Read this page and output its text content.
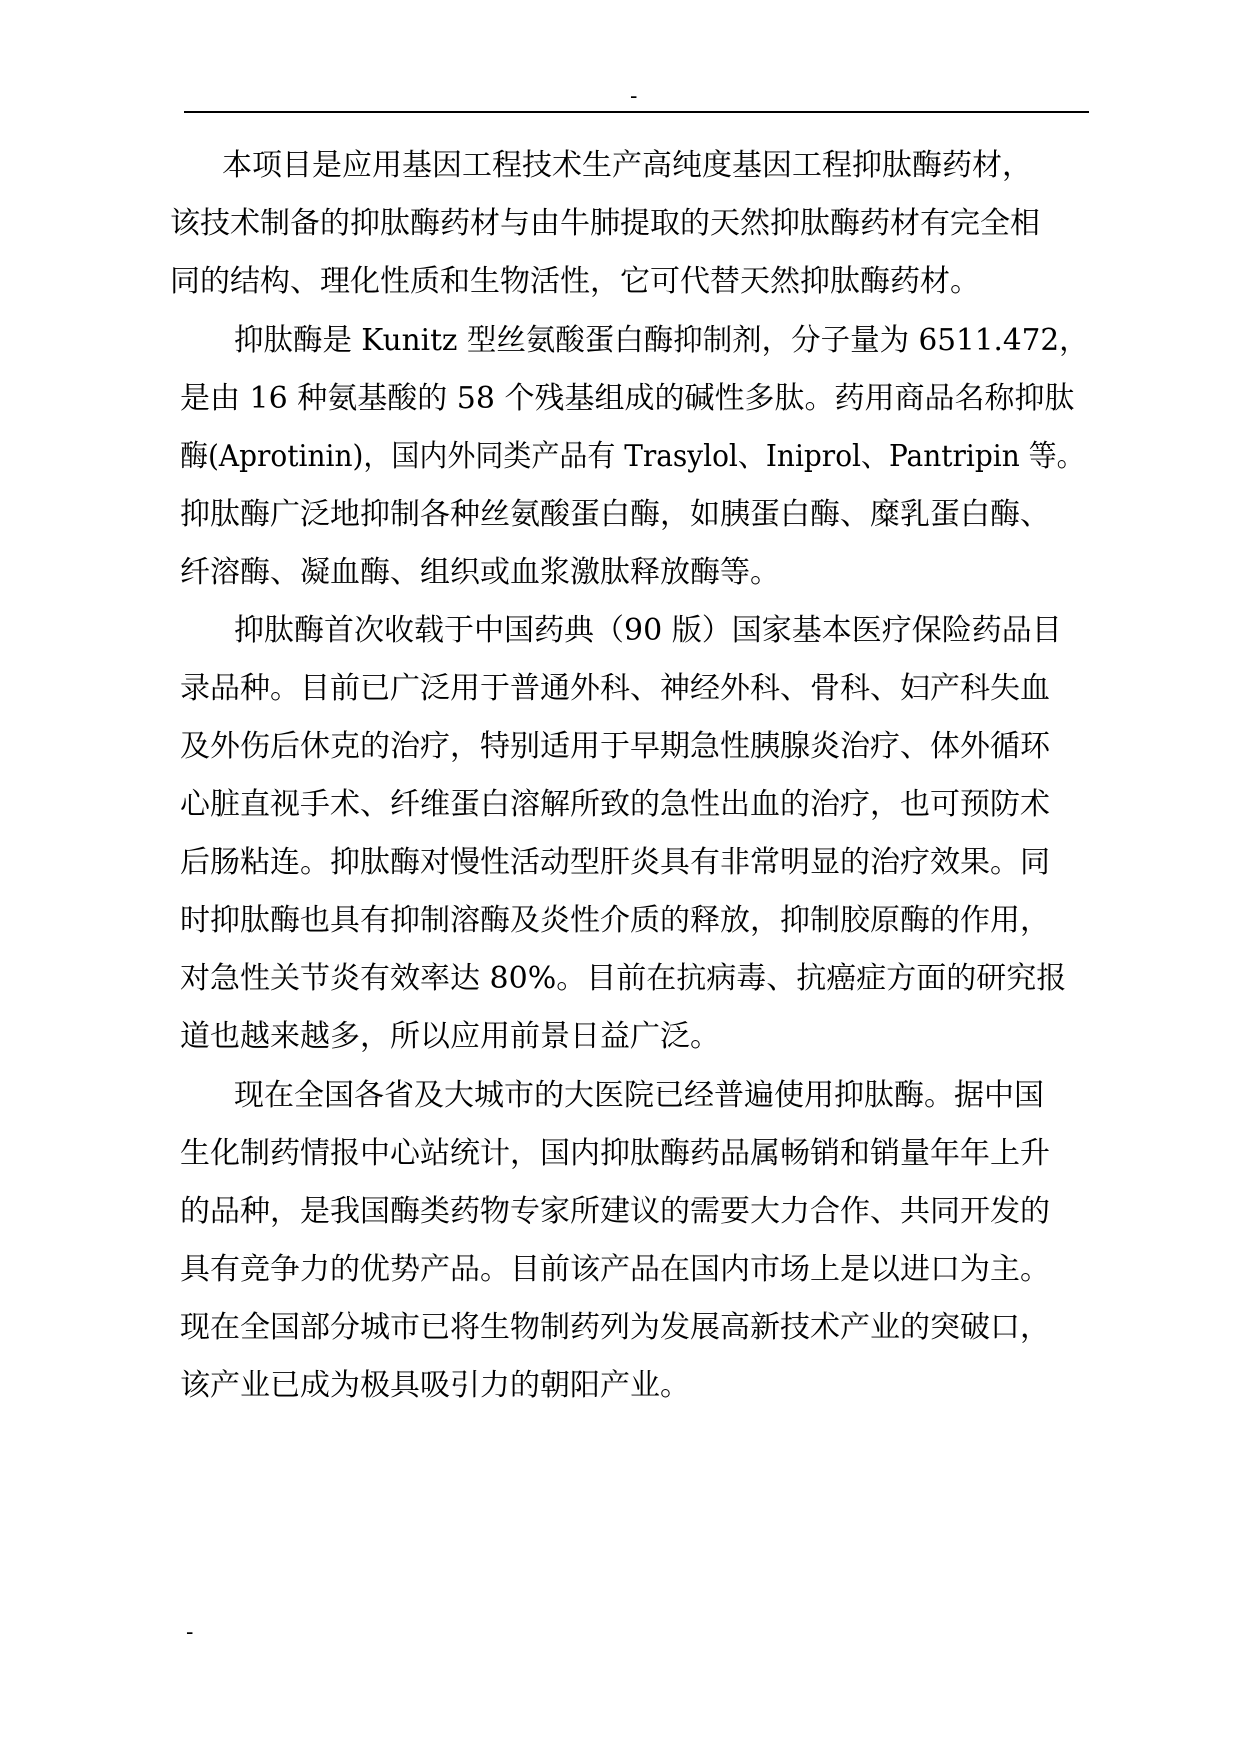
-
本项目是应用基因工程技术生产高纯度基因工程抑肽酶药材，
该技术制备的抑肽酶药材与由牛肺提取的天然抑肽酶药材有完全相
同的结构、理化性质和生物活性，它可代替天然抑肽酶药材。
抑肽酶是 Kunitz 型丝氨酸蛋白酶抑制剂，分子量为 6511.472，
是由 16 种氨基酸的 58 个残基组成的碱性多肽。药用商品名称抑肽
酶(Aprotinin)，国内外同类产品有 Trasylol、Iniprol、Pantripin 等。
抑肽酶广泛地抑制各种丝氨酸蛋白酶，如胰蛋白酶、糜乳蛋白酶、
纤溶酶、凝血酶、组织或血浆激肽释放酶等。
抑肽酶首次收载于中国药典（90 版）国家基本医疗保险药品目
录品种。目前已广泛用于普通外科、神经外科、骨科、妇产科失血
及外伤后休克的治疗，特别适用于早期急性胰腺炎治疗、体外循环
心脏直视手术、纤维蛋白溶解所致的急性出血的治疗，也可预防术
后肠粘连。抑肽酶对慢性活动型肝炎具有非常明显的治疗效果。同
时抑肽酶也具有抑制溶酶及炎性介质的释放，抑制胶原酶的作用，
对急性关节炎有效率达 80%。目前在抗病毒、抗癌症方面的研究报
道也越来越多，所以应用前景日益广泛。
现在全国各省及大城市的大医院已经普遍使用抑肽酶。据中国
生化制药情报中心站统计，国内抑肽酶药品属畅销和销量年年上升
的品种，是我国酶类药物专家所建议的需要大力合作、共同开发的
具有竞争力的优势产品。目前该产品在国内市场上是以进口为主。
现在全国部分城市已将生物制药列为发展高新技术产业的突破口，
该产业已成为极具吸引力的朝阳产业。
-
